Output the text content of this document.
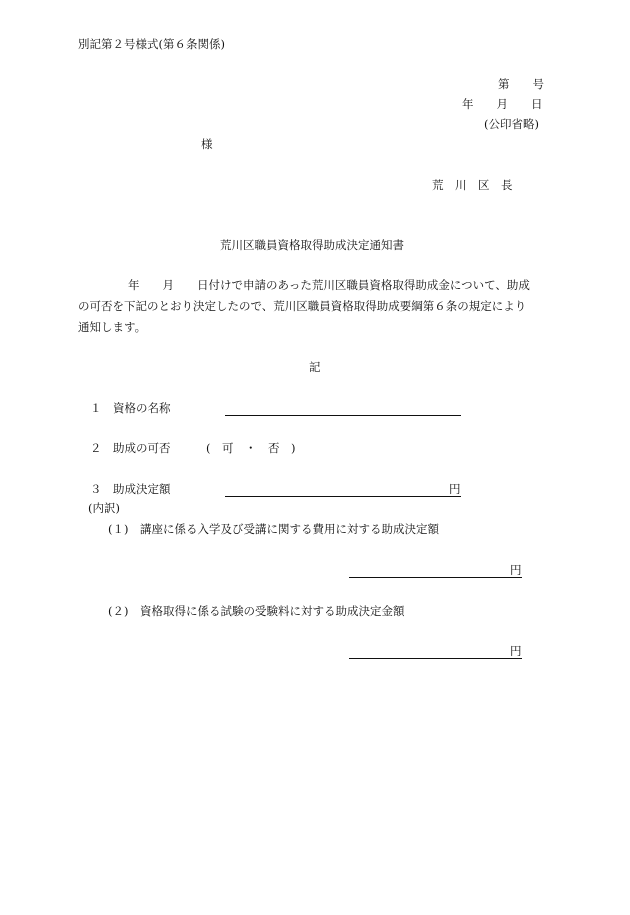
別記第２号様式(第６条関係)
第　　号
年　　月　　日
(公印省略)
様
荒　川　区　長
荒川区職員資格取得助成決定通知書
年　　月　　日付けで申請のあった荒川区職員資格取得助成金について、助成
の可否を下記のとおり決定したので、荒川区職員資格取得助成要綱第６条の規定により
通知します。
記
１　資格の名称
２　助成の可否	(　可　・　否　)
３　助成決定額	円
(内訳)
(１)　講座に係る入学及び受講に関する費用に対する助成決定額
円
(２)　資格取得に係る試験の受験料に対する助成決定金額
円
